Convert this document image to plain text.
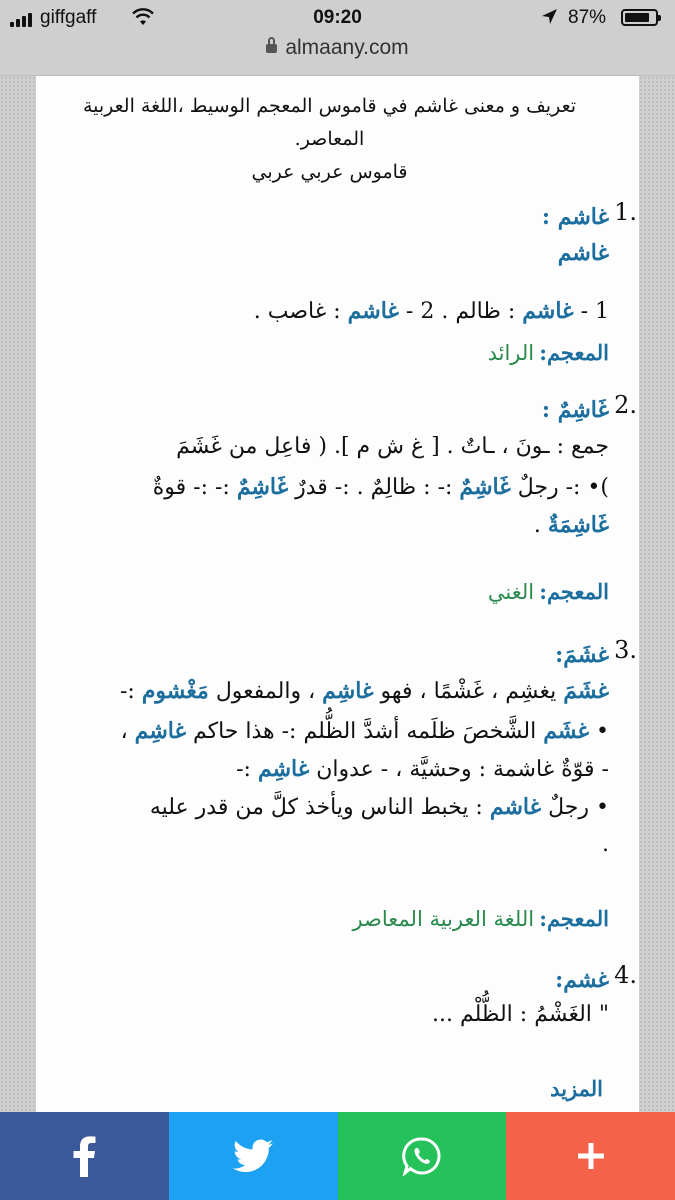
giffgaff	09:20	87%
almaany.com
تعريف و معنى غاشم في قاموس المعجم الوسيط ،اللغة العربية المعاصر.
قاموس عربي عربي
1.
غاشم :
غاشم
1 - غاشم : ظالم . 2 - غاشم : غاصب .
المعجم: الرائد
2.
غَاشِمٌ :
جمع : ـونَ ، ـاتٌ . [ غ ش م ]. ( فاعِل من غَشَمَ
)• :- رجلٌ غَاشِمٌ :- : ظالِمٌ . :- قدرٌ غَاشِمٌ :- :- قوةٌ
غَاشِمَةٌ .
المعجم: الغني
3.
غشَمَ:
غشَمَ يغشِم ، غَشْمًا ، فهو غاشِم ، والمفعول مَغْشوم :-
• غشَم الشَّخصَ ظلَمه أشدَّ الظُّلم :- هذا حاكم غاشِم ،
- قوّةٌ غاشمة : وحشيَّة ، - عدوان غاشِم :-
• رجلٌ غاشم : يخبط الناس ويأخذ كلَّ من قدر عليه
.
المعجم: اللغة العربية المعاصر
4.
غشم:
" الغَشْمُ : الظُّلْم ...
المزيد
